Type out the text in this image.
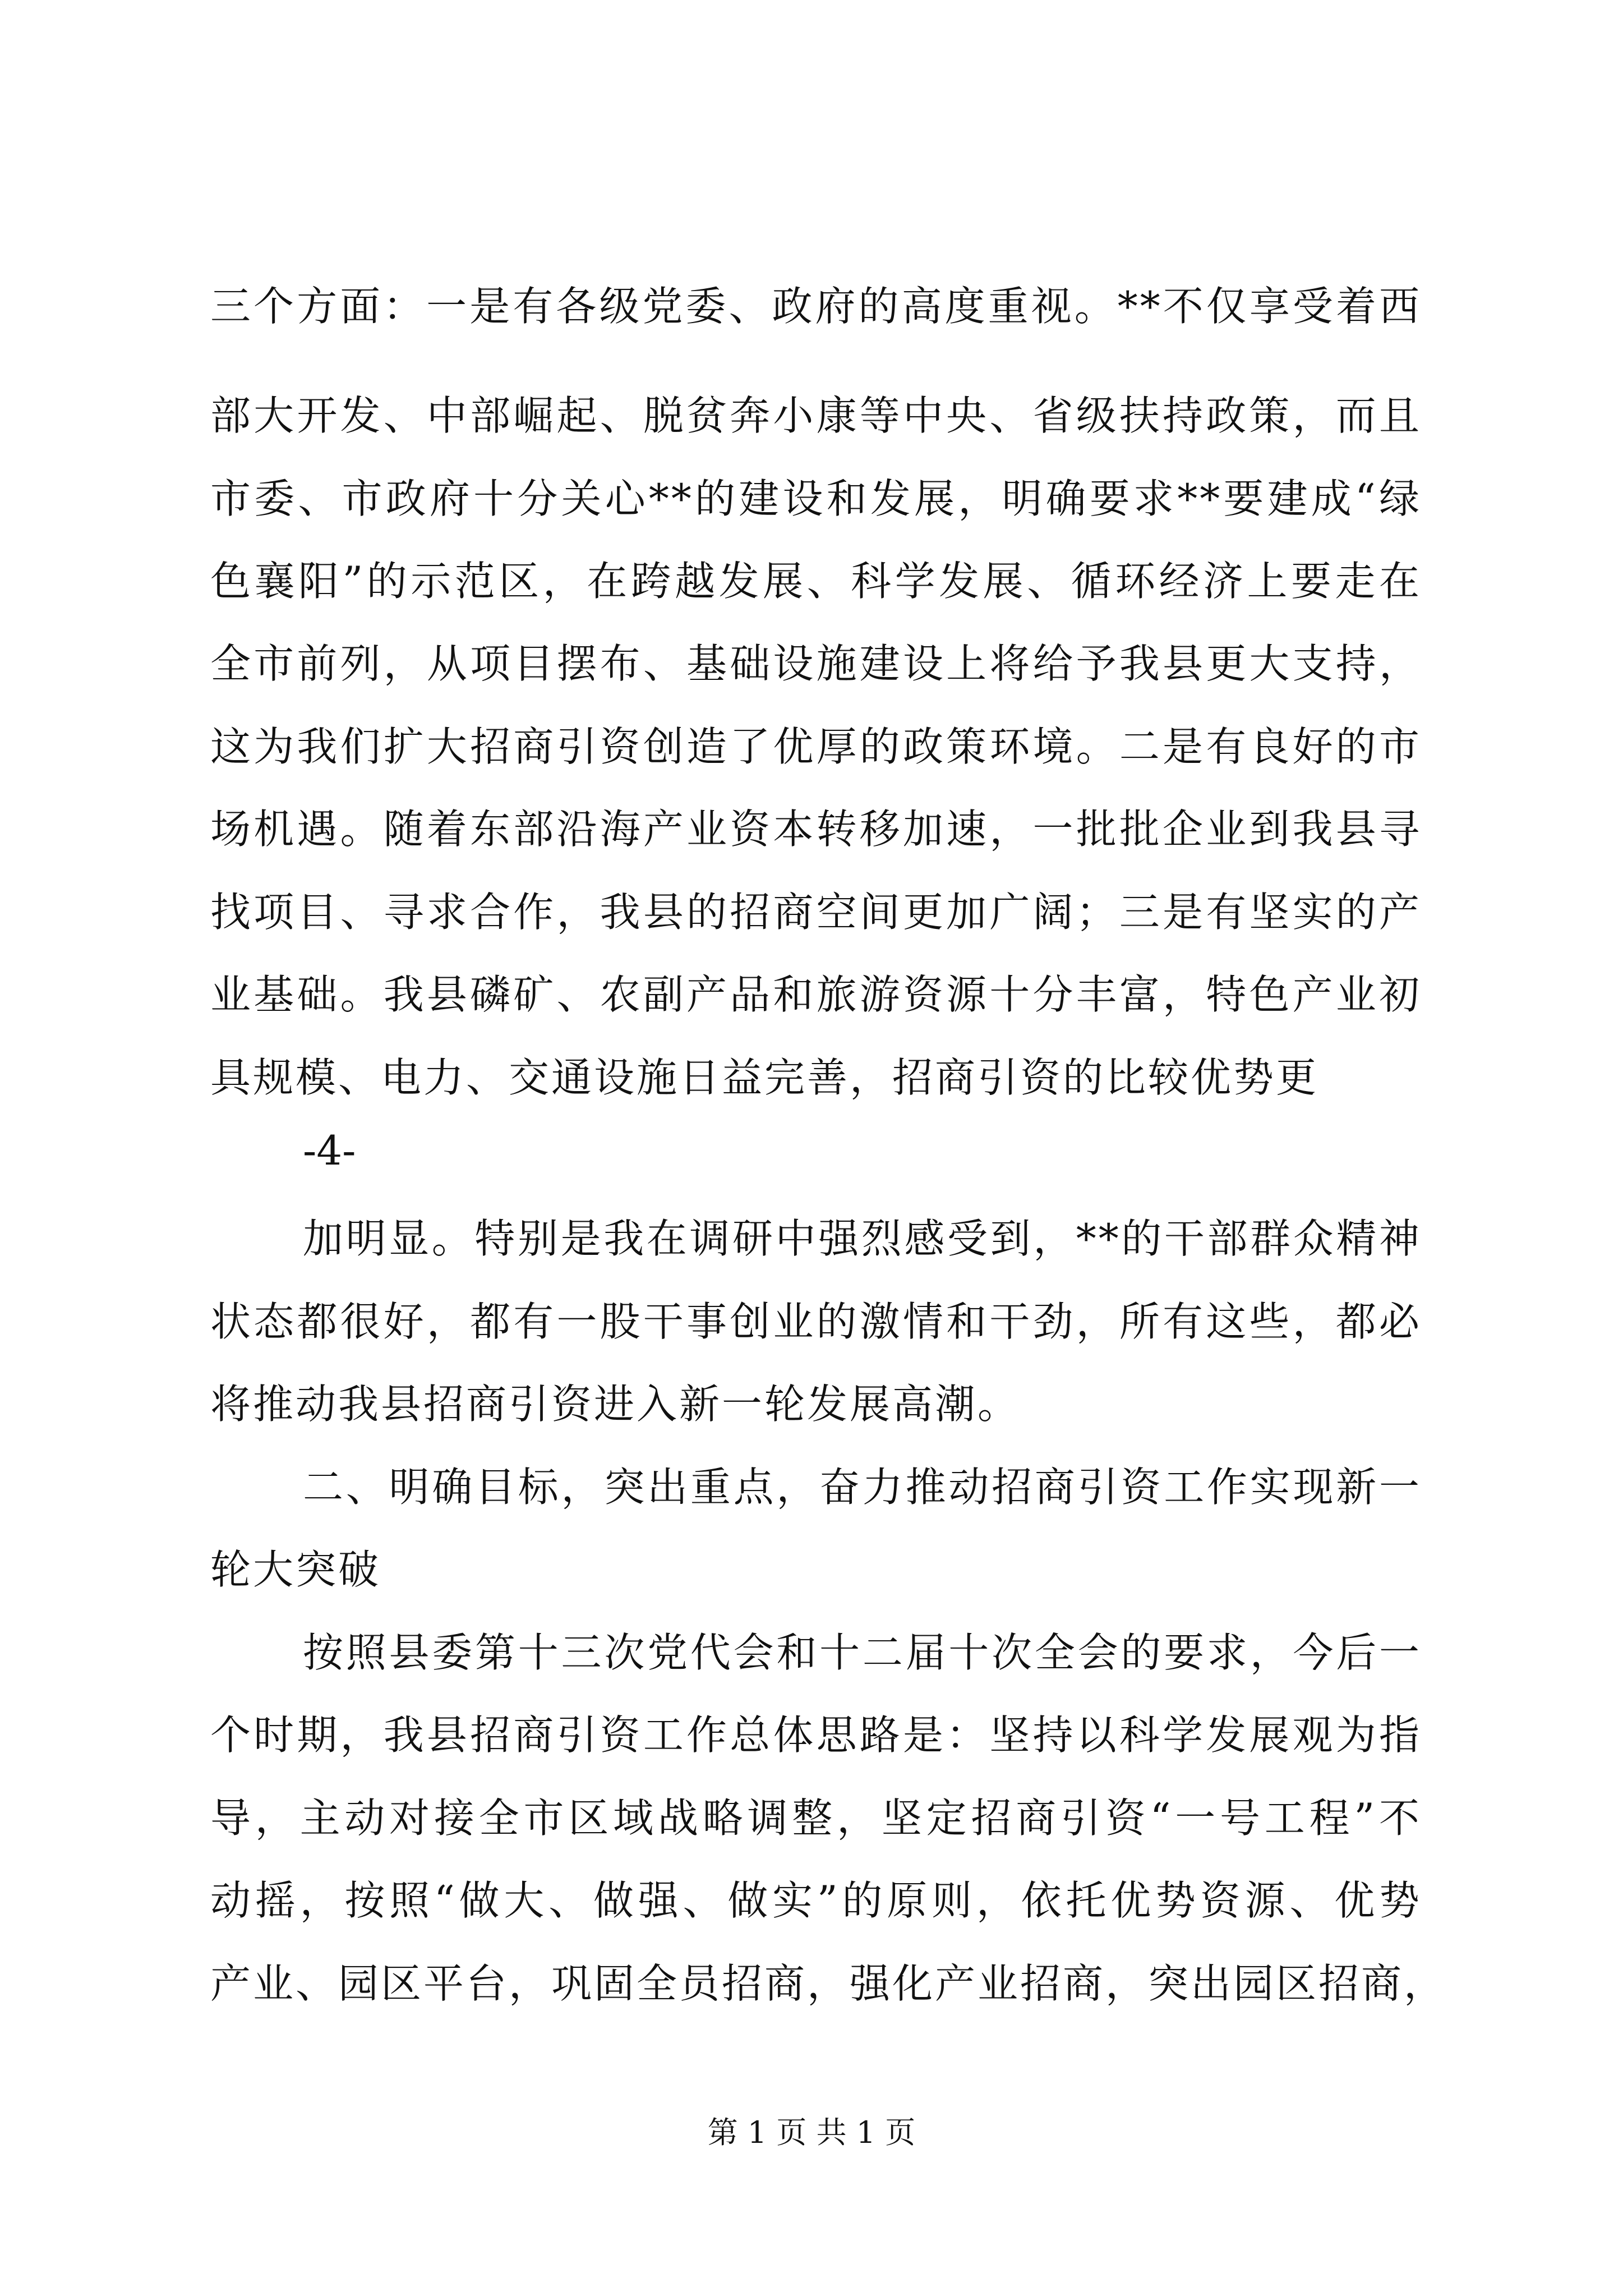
三个方面：一是有各级党委、政府的高度重视。**不仅享受着西
部大开发、中部崛起、脱贫奔小康等中央、省级扶持政策，而且
市委、市政府十分关心**的建设和发展，明确要求**要建成“绿
色襄阳”的示范区，在跨越发展、科学发展、循环经济上要走在
全市前列，从项目摆布、基础设施建设上将给予我县更大支持，
这为我们扩大招商引资创造了优厚的政策环境。二是有良好的市
场机遇。随着东部沿海产业资本转移加速，一批批企业到我县寻
找项目、寻求合作，我县的招商空间更加广阔；三是有坚实的产
业基础。我县磷矿、农副产品和旅游资源十分丰富，特色产业初
具规模、电力、交通设施日益完善，招商引资的比较优势更
-4-
加明显。特别是我在调研中强烈感受到，**的干部群众精神
状态都很好，都有一股干事创业的激情和干劲，所有这些，都必
将推动我县招商引资进入新一轮发展高潮。
二、明确目标，突出重点，奋力推动招商引资工作实现新一
轮大突破
按照县委第十三次党代会和十二届十次全会的要求，今后一
个时期，我县招商引资工作总体思路是：坚持以科学发展观为指
导，主动对接全市区域战略调整，坚定招商引资“一号工程”不
动摇，按照“做大、做强、做实”的原则，依托优势资源、优势
产业、园区平台，巩固全员招商，强化产业招商，突出园区招商，
第 1 页 共 1 页
